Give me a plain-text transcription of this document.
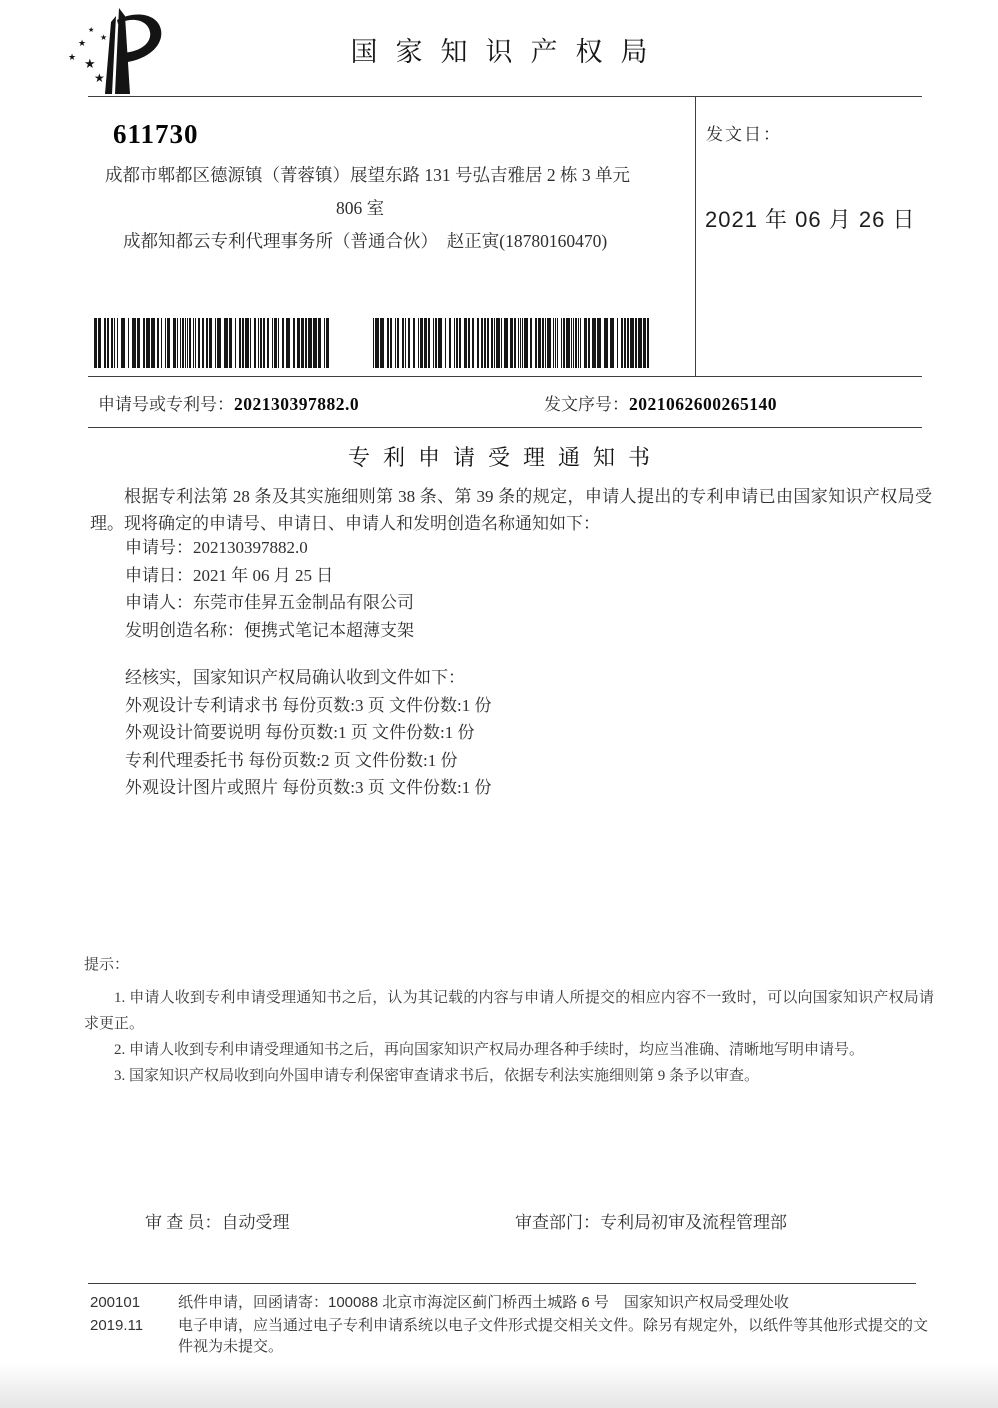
★
★
★
★ ★
★
国家知识产权局
611730
成都市郫都区德源镇（菁蓉镇）展望东路 131 号弘吉雅居 2 栋 3 单元
806 室
成都知都云专利代理事务所（普通合伙）　赵正寅(18780160470)
发文日：
2021 年 06 月 26 日
申请号或专利号：202130397882.0	发文序号：2021062600265140
专利申请受理通知书

根据专利法第 28 条及其实施细则第 38 条、第 39 条的规定，申请人提出的专利申请已由国家知识产权局受理。现将确定的申请号、申请日、申请人和发明创造名称通知如下：

申请号：202130397882.0
申请日：2021 年 06 月 25 日
申请人：东莞市佳昇五金制品有限公司
发明创造名称：便携式笔记本超薄支架
经核实，国家知识产权局确认收到文件如下：
外观设计专利请求书 每份页数:3 页 文件份数:1 份
外观设计简要说明 每份页数:1 页 文件份数:1 份
专利代理委托书 每份页数:2 页 文件份数:1 份
外观设计图片或照片 每份页数:3 页 文件份数:1 份
提示：

1. 申请人收到专利申请受理通知书之后，认为其记载的内容与申请人所提交的相应内容不一致时，可以向国家知识产权局请求更正。

2. 申请人收到专利申请受理通知书之后，再向国家知识产权局办理各种手续时，均应当准确、清晰地写明申请号。

3. 国家知识产权局收到向外国申请专利保密审查请求书后，依据专利法实施细则第 9 条予以审查。

审 查 员：自动受理	审查部门：专利局初审及流程管理部
200101	纸件申请，回函请寄：100088 北京市海淀区蓟门桥西土城路 6 号　国家知识产权局受理处收
2019.11	电子申请，应当通过电子专利申请系统以电子文件形式提交相关文件。除另有规定外，以纸件等其他形式提交的文件视为未提交。
